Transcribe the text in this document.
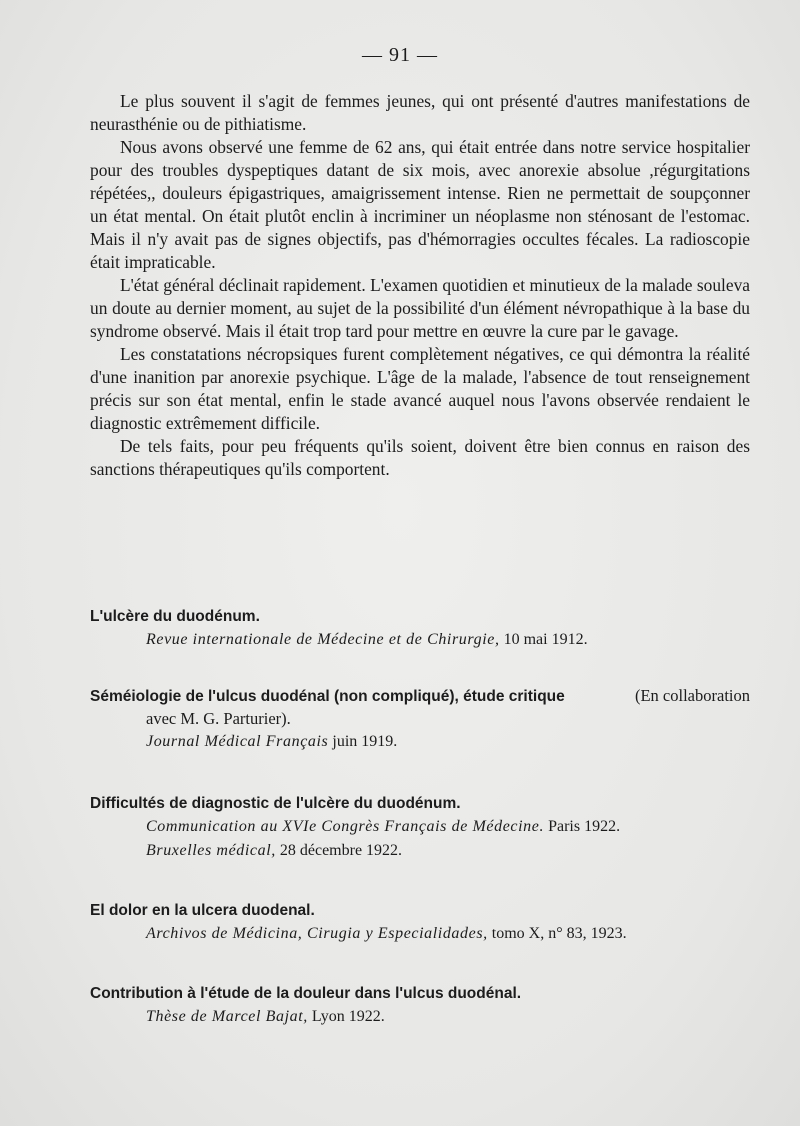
— 91 —

Le plus souvent il s'agit de femmes jeunes, qui ont présenté d'autres manifestations de neurasthénie ou de pithiatisme.

Nous avons observé une femme de 62 ans, qui était entrée dans notre service hospitalier pour des troubles dyspeptiques datant de six mois, avec anorexie absolue ,régurgitations répétées,, douleurs épigastriques, amaigrissement intense. Rien ne permettait de soupçonner un état mental. On était plutôt enclin à incriminer un néoplasme non sténosant de l'estomac. Mais il n'y avait pas de signes objectifs, pas d'hémorragies occultes fécales. La radioscopie était impraticable.

L'état général déclinait rapidement. L'examen quotidien et minutieux de la malade souleva un doute au dernier moment, au sujet de la possibilité d'un élément névropathique à la base du syndrome observé. Mais il était trop tard pour mettre en œuvre la cure par le gavage.

Les constatations nécropsiques furent complètement négatives, ce qui démontra la réalité d'une inanition par anorexie psychique. L'âge de la malade, l'absence de tout renseignement précis sur son état mental, enfin le stade avancé auquel nous l'avons observée rendaient le diagnostic extrêmement difficile.

De tels faits, pour peu fréquents qu'ils soient, doivent être bien connus en raison des sanctions thérapeutiques qu'ils comportent.

L'ulcère du duodénum.

Revue internationale de Médecine et de Chirurgie, 10 mai 1912.

Séméiologie de l'ulcus duodénal (non compliqué), étude critique	(En collaboration

avec M. G. Parturier).

Journal Médical Français juin 1919.

Difficultés de diagnostic de l'ulcère du duodénum.

Communication au XVIe Congrès Français de Médecine. Paris 1922.

Bruxelles médical, 28 décembre 1922.

El dolor en la ulcera duodenal.

Archivos de Médicina, Cirugia y Especialidades, tomo X, n° 83, 1923.

Contribution à l'étude de la douleur dans l'ulcus duodénal.

Thèse de Marcel Bajat, Lyon 1922.
